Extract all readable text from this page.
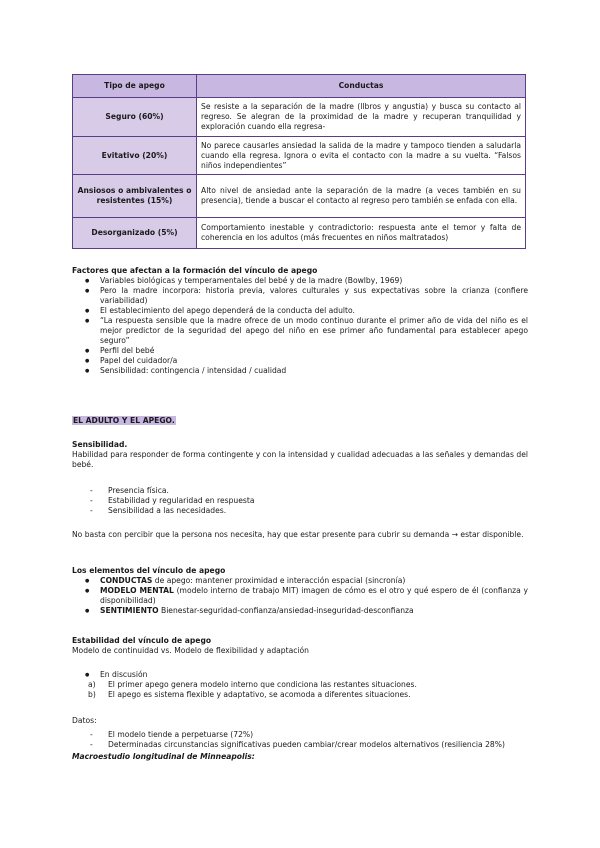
Tipo de apego	Conductas
Seguro (60%)	Se resiste a la separación de la madre (llbros y angustia) y busca su contacto al regreso. Se alegran de la proximidad de la madre y recuperan tranquilidad y exploración cuando ella regresa-
Evitativo (20%)	No parece causarles ansiedad la salida de la madre y tampoco tienden a saludarla cuando ella regresa. Ignora o evita el contacto con la madre a su vuelta. “Falsos niños independientes”
Ansiosos o ambivalentes o resistentes (15%)	Alto nivel de ansiedad ante la separación de la madre (a veces también en su presencia), tiende a buscar el contacto al regreso pero también se enfada con ella.
Desorganizado (5%)	Comportamiento inestable y contradictorio: respuesta ante el temor y falta de coherencia en los adultos (más frecuentes en niños maltratados)
Factores que afectan a la formación del vínculo de apego
● Variables biológicas y temperamentales del bebé y de la madre (Bowlby, 1969)
● Pero la madre incorpora: historia previa, valores culturales y sus expectativas sobre la crianza (confiere variabilidad)
● El establecimiento del apego dependerá de la conducta del adulto.
● “La respuesta sensible que la madre ofrece de un modo continuo durante el primer año de vida del niño es el mejor predictor de la seguridad del apego del niño en ese primer año fundamental para establecer apego seguro”
● Perfil del bebé
● Papel del cuidador/a
● Sensibilidad: contingencia / intensidad / cualidad
EL ADULTO Y EL APEGO.
Sensibilidad.
Habilidad para responder de forma contingente y con la intensidad y cualidad adecuadas a las señales y demandas del bebé.
- Presencia física.
- Estabilidad y regularidad en respuesta
- Sensibilidad a las necesidades.
No basta con percibir que la persona nos necesita, hay que estar presente para cubrir su demanda → estar disponible.
Los elementos del vínculo de apego
● CONDUCTAS de apego: mantener proximidad e interacción espacial (sincronía)
● MODELO MENTAL (modelo interno de trabajo MIT) imagen de cómo es el otro y qué espero de él (confianza y disponibilidad)
● SENTIMIENTO Bienestar-seguridad-confianza/ansiedad-inseguridad-desconfianza
Estabilidad del vínculo de apego
Modelo de continuidad vs. Modelo de flexibilidad y adaptación
● En discusión
a) El primer apego genera modelo interno que condiciona las restantes situaciones.
b) El apego es sistema flexible y adaptativo, se acomoda a diferentes situaciones.
Datos:
- El modelo tiende a perpetuarse (72%)
- Determinadas circunstancias significativas pueden cambiar/crear modelos alternativos (resiliencia 28%)
Macroestudio longitudinal de Minneapolis:
